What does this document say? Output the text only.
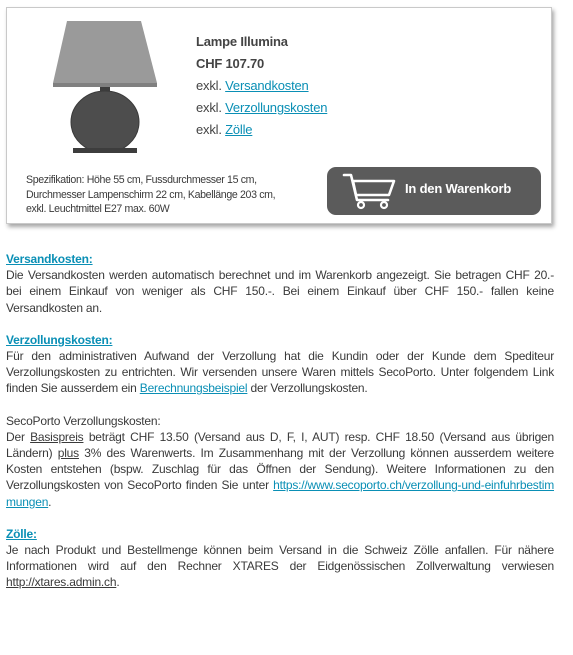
Lampe Illumina
CHF 107.70
exkl. Versandkosten
exkl. Verzollungskosten
exkl. Zölle
Spezifikation: Höhe 55 cm, Fussdurchmesser 15 cm,
Durchmesser Lampenschirm 22 cm, Kabellänge 203 cm,
exkl. Leuchtmittel E27 max. 60W
In den Warenkorb

Versandkosten:
Die Versandkosten werden automatisch berechnet und im Warenkorb angezeigt. Sie betragen CHF 20.- bei einem Einkauf von weniger als CHF 150.-. Bei einem Einkauf über CHF 150.- fallen keine Versandkosten an.

Verzollungskosten:
Für den administrativen Aufwand der Verzollung hat die Kundin oder der Kunde dem Spediteur Verzollungskosten zu entrichten. Wir versenden unsere Waren mittels SecoPorto. Unter folgendem Link finden Sie ausserdem ein Berechnungsbeispiel der Verzollungskosten.

SecoPorto Verzollungskosten:
Der Basispreis beträgt CHF 13.50 (Versand aus D, F, I, AUT) resp. CHF 18.50 (Versand aus übrigen Ländern) plus 3% des Warenwerts. Im Zusammenhang mit der Verzollung können ausserdem weitere Kosten entstehen (bspw. Zuschlag für das Öffnen der Sendung). Weitere Informationen zu den Verzollungskosten von SecoPorto finden Sie unter https://www.secoporto.ch/verzollung-und-einfuhrbestimmungen.

Zölle:
Je nach Produkt und Bestellmenge können beim Versand in die Schweiz Zölle anfallen. Für nähere Informationen wird auf den Rechner XTARES der Eidgenössischen Zollverwaltung verwiesen http://xtares.admin.ch.
